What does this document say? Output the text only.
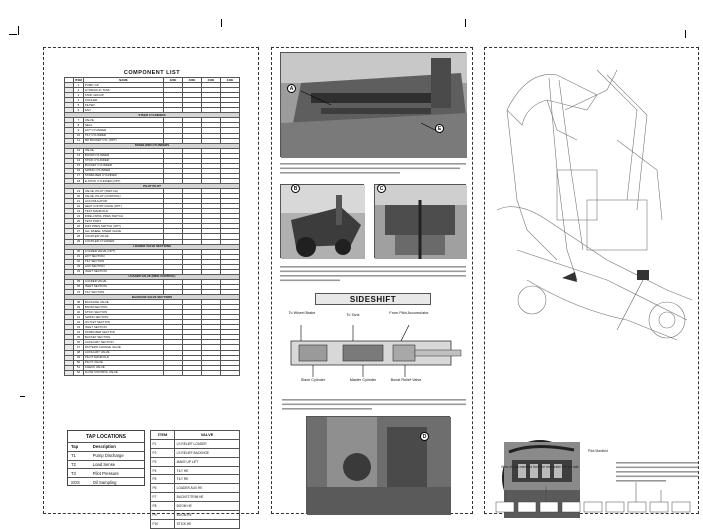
COMPONENT LIST
	ITEM	NAME	420E	430E	440E	444E
	1	PUMP, GP				
	2	HYDRAULIC TANK				
	3	TANK GROUP				
	4	COOLER				
	5	FILTER				
	6	FAN				
STEER CYLINDERS						
	7	VALVE				
	8	SEAL				
	9	LIFT CYLINDER				
	10	TILT CYLINDER				
	11	MP BUCKET CYL (OPT)				
STABILIZER CYLINDERS						
	12	VALVE				
	13	BOOM CYLINDER				
	14	STICK CYLINDER				
	15	BUCKET CYLINDER				
	16	SWING CYLINDER				
	17	STABILIZER CYLINDER				
	18	E-STICK CYLINDER (OPT)				
PILOT PILOT						
	19	VALVE, PILOT (SWITCH)				
	20	VALVE, PILOT (CONTROL)				
	21	ACCUMULATOR				
	22	HEAT CONTR VALVE (OPT)				
	23	TEST MANIFOLD				
	24	RIDE CNTRL PRES SWITCH				
	25	TEST PORT				
	26	DIFF PRES SWITCH (OPT)				
	27	ALL WHEEL STEER VALVE				
	28	COUPLER VALVE				
	29	COUPLER CYLINDER				
LOADER VALVE SECTIONS						
	30	LOADER VALVE (OPT)				
	31	LIFT SECTION				
	32	TILT SECTION				
	33	AUX SECTION				
	34	INLET SECTION				
LOADER VALVE (RIDE CONTROL)						
	35	LOADER VALVE				
	36	INLET SECTION				
	37	TILT SECTION				
BACKHOE VALVE SECTIONS						
	38	BACKHOE VALVE				
	39	BOOM SECTION				
	40	STICK SECTION				
	41	SWING SECTION				
	42	OUTLET SECTION				
	43	INLET SECTION				
	44	STABILIZER SECTION				
	45	BUCKET SECTION				
	46	AUXILIARY SECTION				
	47	PATTERN CHANGE VALVE				
	48	AUXILIARY VALVE				
	49	PILOT MANIFOLD				
	50	PILOT VALVE				
	51	CHECK VALVE				
	52	FLOW CONTROL VALVE				
TAP LOCATIONS
Tap	Description
T1	Pump Discharge
T2	Load Sense
T3	Pilot Pressure
SOS	Oil Sampling
ITEM	VALVE
P1	LS RELIEF LOADER
P2	LS RELIEF BACKHOE
P3	MAKE UP LIFT
P4	TILT HE
P5	TILT RE
P6	LOADER AUX HE
P7	BUCKET/TRIM HE
P8	BOOM HE
P9	BOOM RE
P10	STICK HE
A
E
B	C
SIDESHIFT
To Wheel Brake	To Tank	From Pilot Accumulator
Slave Cylinder	Master Cylinder	Boost Relief Valve
D
Pilot Manifold
View of pilot manifold from the rear under the left side
